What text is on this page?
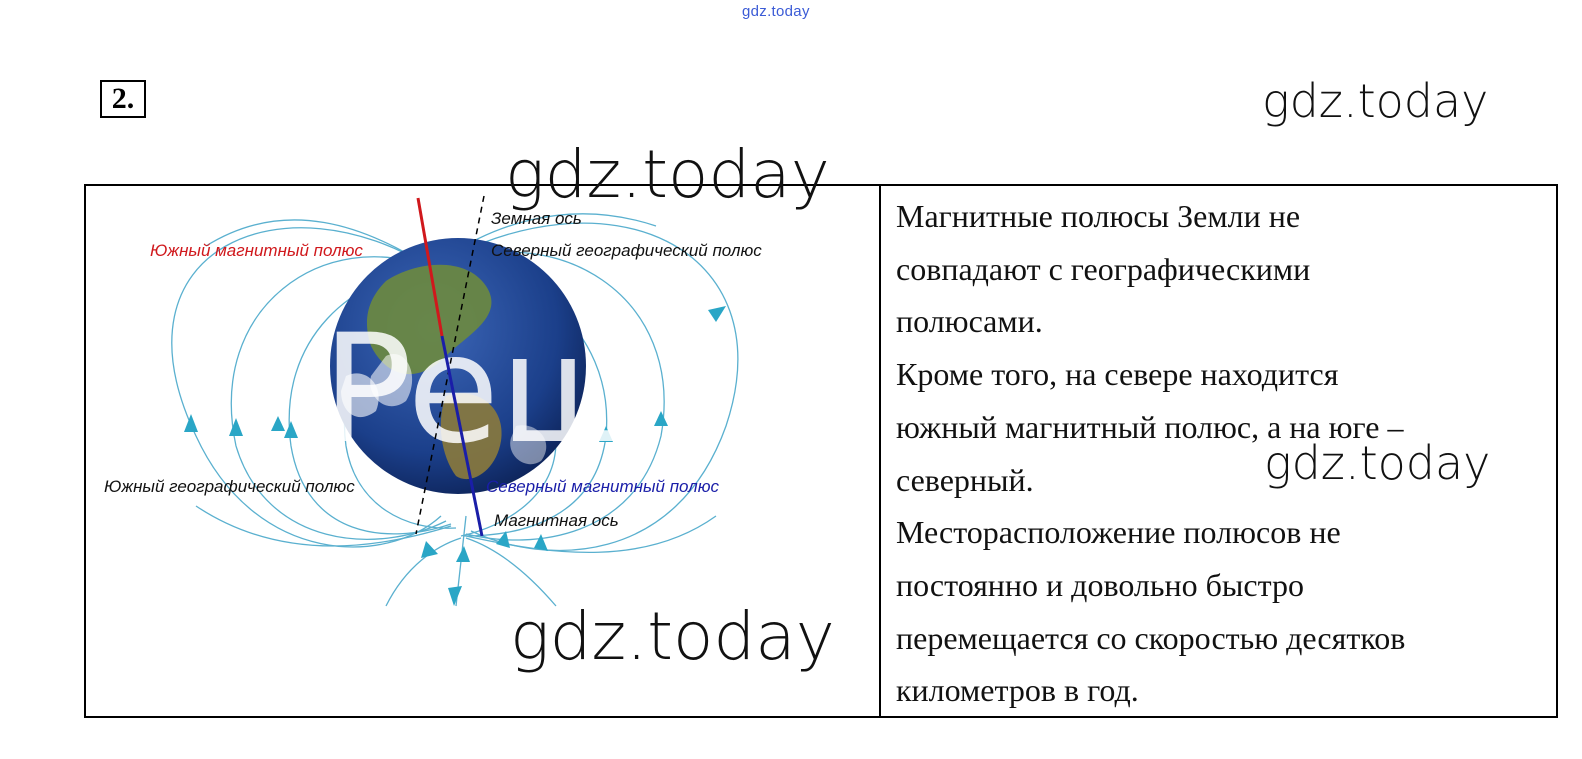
gdz.today
2.	gdz.today
Peш
Земная ось
Южный магнитный полюс	Северный географический полюс
Южный географический полюс	Северный магнитный полюс
Магнитная ось

Магнитные полюсы Земли не

совпадают с географическими

полюсами.

Кроме того, на севере находится

южный магнитный полюс, а на юге –

северный.

Месторасположение полюсов не

постоянно и довольно быстро

перемещается со скоростью десятков

километров в год.

gdz.today
gdz.today
gdz.today
